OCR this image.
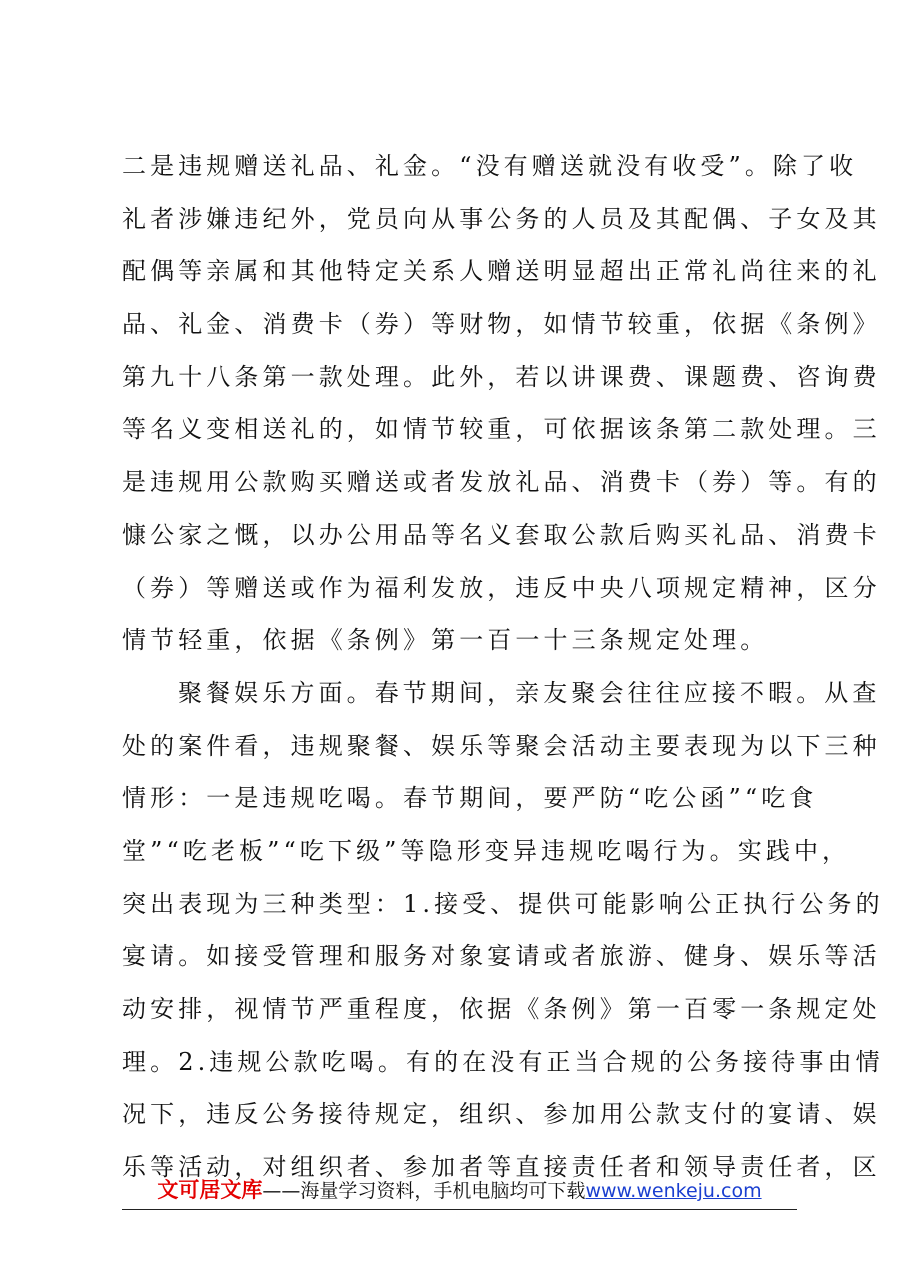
二是违规赠送礼品、礼金。“没有赠送就没有收受”。除了收
礼者涉嫌违纪外，党员向从事公务的人员及其配偶、子女及其
配偶等亲属和其他特定关系人赠送明显超出正常礼尚往来的礼
品、礼金、消费卡（券）等财物，如情节较重，依据《条例》
第九十八条第一款处理。此外，若以讲课费、课题费、咨询费
等名义变相送礼的，如情节较重，可依据该条第二款处理。三
是违规用公款购买赠送或者发放礼品、消费卡（券）等。有的
慷公家之慨，以办公用品等名义套取公款后购买礼品、消费卡
（券）等赠送或作为福利发放，违反中央八项规定精神，区分
情节轻重，依据《条例》第一百一十三条规定处理。
聚餐娱乐方面。春节期间，亲友聚会往往应接不暇。从查
处的案件看，违规聚餐、娱乐等聚会活动主要表现为以下三种
情形：一是违规吃喝。春节期间，要严防“吃公函”“吃食
堂”“吃老板”“吃下级”等隐形变异违规吃喝行为。实践中，
突出表现为三种类型：1.接受、提供可能影响公正执行公务的
宴请。如接受管理和服务对象宴请或者旅游、健身、娱乐等活
动安排，视情节严重程度，依据《条例》第一百零一条规定处
理。2.违规公款吃喝。有的在没有正当合规的公务接待事由情
况下，违反公务接待规定，组织、参加用公款支付的宴请、娱
乐等活动，对组织者、参加者等直接责任者和领导责任者，区
文可居文库——海量学习资料，手机电脑均可下载www.wenkeju.com
